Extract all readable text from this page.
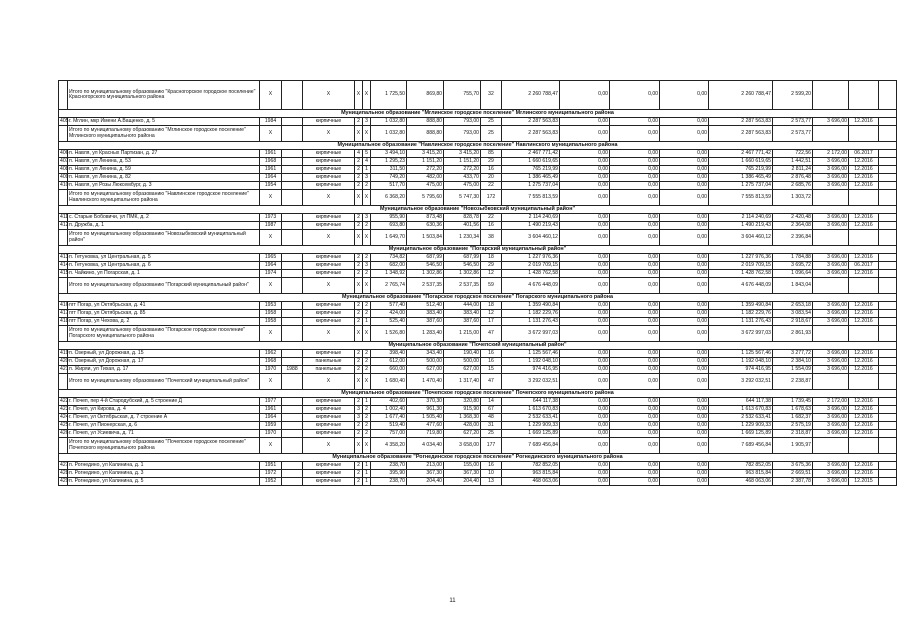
	Итого по муниципальному образованию "Красногорское городское поселение" Красногорского муниципального района	X		X	X	X	1 725,50	869,80	755,70	32	2 260 788,47	0,00	0,00	0,00	2 260 788,47	2 599,20			
Муниципальное образование "Мглинское городское поселение" Мглинского муниципального района																			
405	г. Мглин, мкр Имени А.Ващенко, д. 5	1984		кирпичные	2	3	1 032,80	888,80	793,00	25	2 287 563,83	0,00	0,00	0,00	2 287 563,83	2 573,77	3 696,00	12.2016	
	Итого по муниципальному образованию "Мглинское городское поселение" Мглинского муниципального района	X		X	X	X	1 032,80	888,80	793,00	25	2 287 563,83	0,00	0,00	0,00	2 287 563,83	2 573,77			
Муниципальное образование "Навлинское городское поселение" Навлинского муниципального района																			
406	п. Навля, ул Красных Партизан, д. 27	1961		кирпичные	4	5	3 494,10	3 415,20	3 415,20	85	2 467 771,42	0,00	0,00	0,00	2 467 771,42	722,56	2 172,00	06.2017	
407	п. Навля, ул Ленина, д. 53	1968		кирпичные	2	4	1 295,23	1 151,20	1 151,20	29	1 660 619,65	0,00	0,00	0,00	1 660 619,65	1 442,51	3 696,00	12.2016	
408	п. Навля, ул Ленина, д. 59	1961		кирпичные	2	1	311,50	272,20	272,20	16	765 219,99	0,00	0,00	0,00	765 219,99	2 811,24	3 696,00	12.2016	
409	п. Навля, ул Ленина, д. 82	1964		кирпичные	2	3	749,20	482,00	433,70	20	1 386 465,49	0,00	0,00	0,00	1 386 465,49	2 876,48	3 696,00	12.2016	
410	п. Навля, ул Розы Люксембург, д. 3	1954		кирпичные	2	2	517,70	475,00	475,00	22	1 275 737,04	0,00	0,00	0,00	1 275 737,04	2 685,76	3 696,00	12.2016	
	Итого по муниципальному образованию "Навлинское городское поселение" Навлинского муниципального района	X		X	X	X	6 368,20	5 795,60	5 747,30	172	7 555 813,59	0,00	0,00	0,00	7 555 813,59	1 303,72			
Муниципальное образование "Новозыбковский муниципальный район"																			
411	с. Старые Бобовичи, ул ПМК, д. 2	1973		кирпичные	2	3	955,90	873,48	828,78	22	2 114 240,69	0,00	0,00	0,00	2 114 240,69	2 420,48	3 696,00	12.2016	
412	п. Дружба, д. 1	1987		кирпичные	2	2	693,80	630,36	401,56	16	1 490 219,43	0,00	0,00	0,00	1 490 219,43	2 364,08	3 696,00	12.2016	
	Итого по муниципальному образованию "Новозыбковский муниципальный район"	X		X	X	X	1 649,70	1 503,84	1 230,34	38	3 604 460,12	0,00	0,00	0,00	3 604 460,12	2 396,84			
Муниципальное образование "Погарский муниципальный район"																			
413	п. Гетуновка, ул Центральная, д. 5	1965		кирпичные	2	2	734,82	687,99	687,99	18	1 227 976,36	0,00	0,00	0,00	1 227 976,36	1 784,88	3 696,00	12.2016	
414	п. Гетуновка, ул Центральная, д. 6	1964		кирпичные	2	3	682,00	546,50	546,50	29	2 019 709,15	0,00	0,00	0,00	2 019 709,15	3 695,72	3 696,00	06.2017	
415	п. Чайкино, ул Погарская, д. 1	1974		кирпичные	2	2	1 348,92	1 302,86	1 302,86	12	1 428 762,58	0,00	0,00	0,00	1 428 762,58	1 096,64	3 696,00	12.2016	
	Итого по муниципальному образованию "Погарский муниципальный район"	X		X	X	X	2 765,74	2 537,35	2 537,35	59	4 676 448,09	0,00	0,00	0,00	4 676 448,09	1 843,04			
Муниципальное образование "Погарское городское поселение" Погарского муниципального района																			
416	пгт Погар, ул Октябрьская, д. 41	1953		кирпичные	2	2	577,40	512,40	444,00	18	1 359 490,84	0,00	0,00	0,00	1 359 490,84	2 653,18	3 696,00	12.2016	
417	пгт Погар, ул Октябрьская, д. 85	1958		кирпичные	2	2	424,00	383,40	383,40	12	1 182 229,76	0,00	0,00	0,00	1 182 229,76	3 083,54	3 696,00	12.2016	
418	пгт Погар, ул Чехова, д. 2	1958		кирпичные	2	1	525,40	387,60	387,60	17	1 131 276,43	0,00	0,00	0,00	1 131 276,43	2 918,67	3 696,00	12.2016	
	Итого по муниципальному образованию "Погарское городское поселение" Погарского муниципального района	X		X	X	X	1 526,80	1 283,40	1 215,00	47	3 672 997,03	0,00	0,00	0,00	3 672 997,03	2 861,93			
Муниципальное образование "Почепский муниципальный район"																			
419	п. Озерный, ул Дорожная, д. 15	1962		кирпичные	2	2	398,40	343,40	190,40	16	1 125 567,46	0,00	0,00	0,00	1 125 567,46	3 277,72	3 696,00	12.2016	
420	п. Озерный, ул Дорожная, д. 17	1968		панельные	2	2	612,00	500,00	500,00	16	1 192 048,10	0,00	0,00	0,00	1 192 048,10	2 384,10	3 696,00	12.2016	
421	п. Жиряи, ул Тихая, д. 17	1970	1988	панельные	2	2	660,00	627,00	627,00	15	974 416,95	0,00	0,00	0,00	974 416,95	1 554,09	3 696,00	12.2016	
	Итого по муниципальному образованию "Почепский муниципальный район"	X		X	X	X	1 680,40	1 470,40	1 317,40	47	3 292 032,51	0,00	0,00	0,00	3 292 032,51	2 238,87			
Муниципальное образование "Почепское городское поселение" Почепского муниципального района																			
422	г. Почеп, пер 4-й Стародубский, д. 5 строение Д	1977		кирпичные	2	1	402,60	370,30	320,80	14	644 117,38	0,00	0,00	0,00	644 117,38	1 739,45	2 172,00	12.2016	
423	г. Почеп, ул Кирова, д. 4	1961		кирпичные	3	2	1 002,40	961,30	915,90	67	1 613 670,83	0,00	0,00	0,00	1 613 670,83	1 678,63	3 696,00	12.2016	
424	г. Почеп, ул Октябрьская, д. 7 строение А	1964		кирпичные	3	2	1 677,40	1 505,40	1 368,30	48	2 532 633,41	0,00	0,00	0,00	2 532 633,41	1 682,37	3 696,00	12.2016	
425	г. Почеп, ул Пионерская, д. 6	1959		кирпичные	2	2	519,40	477,60	428,00	31	1 229 909,33	0,00	0,00	0,00	1 229 909,33	2 575,19	3 696,00	12.2016	
426	г. Почеп, ул Усиевича, д. 71	1970		кирпичные	2	2	757,00	719,80	627,20	25	1 669 125,89	0,00	0,00	0,00	1 669 125,89	2 318,87	3 696,00	12.2016	
	Итого по муниципальному образованию "Почепское городское поселение" Почепского муниципального района	X		X	X	X	4 358,20	4 034,40	3 658,00	177	7 689 456,84	0,00	0,00	0,00	7 689 456,84	1 905,97			
Муниципальное образование "Рогнединское городское поселение" Рогнединского муниципального района																			
427	п. Рогнедино, ул Калинина, д. 1	1951		кирпичные	2	1	238,70	213,00	155,00	16	782 852,05	0,00	0,00	0,00	782 852,05	3 675,36	3 696,00	12.2016	
428	п. Рогнедино, ул Калинина, д. 3	1972		кирпичные	2	1	395,90	367,30	367,30	10	963 815,84	0,00	0,00	0,00	963 815,84	2 669,51	3 696,00	12.2016	
429	п. Рогнедино, ул Калинина, д. 5	1952		кирпичные	2	1	238,70	204,40	204,40	13	468 063,06	0,00	0,00	0,00	468 063,06	2 387,78	3 696,00	12.2015	
11
